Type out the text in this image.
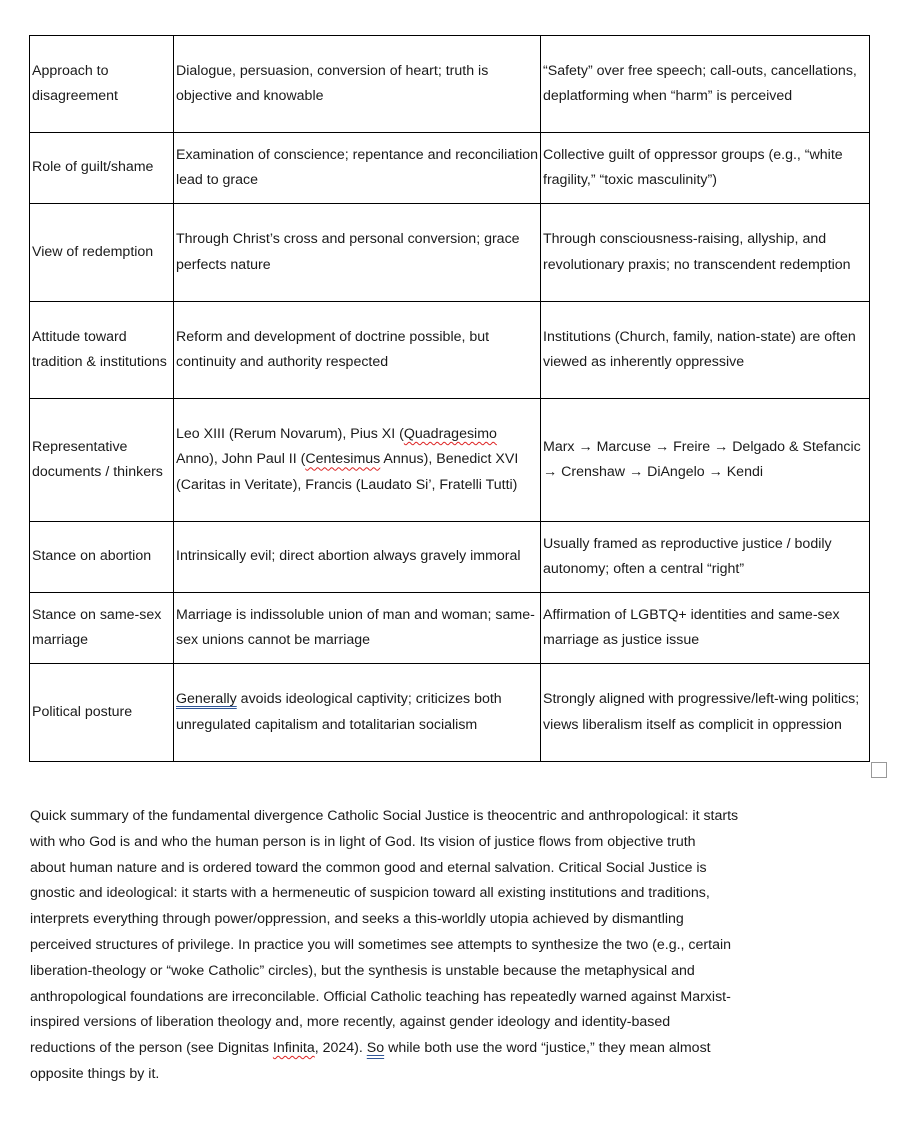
Approach to disagreement	Dialogue, persuasion, conversion of heart; truth is objective and knowable	“Safety” over free speech; call-outs, cancellations, deplatforming when “harm” is perceived
Role of guilt/shame	Examination of conscience; repentance and reconciliation lead to grace	Collective guilt of oppressor groups (e.g., “white fragility,” “toxic masculinity”)
View of redemption	Through Christ’s cross and personal conversion; grace perfects nature	Through consciousness-raising, allyship, and revolutionary praxis; no transcendent redemption
Attitude toward tradition & institutions	Reform and development of doctrine possible, but continuity and authority respected	Institutions (Church, family, nation-state) are often viewed as inherently oppressive
Representative documents / thinkers	Leo XIII (Rerum Novarum), Pius XI (Quadragesimo Anno), John Paul II (Centesimus Annus), Benedict XVI (Caritas in Veritate), Francis (Laudato Si’, Fratelli Tutti)	Marx → Marcuse → Freire → Delgado & Stefancic → Crenshaw → DiAngelo → Kendi
Stance on abortion	Intrinsically evil; direct abortion always gravely immoral	Usually framed as reproductive justice / bodily autonomy; often a central “right”
Stance on same-sex marriage	Marriage is indissoluble union of man and woman; same-sex unions cannot be marriage	Affirmation of LGBTQ+ identities and same-sex marriage as justice issue
Political posture	Generally avoids ideological captivity; criticizes both unregulated capitalism and totalitarian socialism	Strongly aligned with progressive/left-wing politics; views liberalism itself as complicit in oppression
Quick summary of the fundamental divergence Catholic Social Justice is theocentric and anthropological: it starts
with who God is and who the human person is in light of God. Its vision of justice flows from objective truth
about human nature and is ordered toward the common good and eternal salvation. Critical Social Justice is
gnostic and ideological: it starts with a hermeneutic of suspicion toward all existing institutions and traditions,
interprets everything through power/oppression, and seeks a this-worldly utopia achieved by dismantling
perceived structures of privilege. In practice you will sometimes see attempts to synthesize the two (e.g., certain
liberation-theology or “woke Catholic” circles), but the synthesis is unstable because the metaphysical and
anthropological foundations are irreconcilable. Official Catholic teaching has repeatedly warned against Marxist-
inspired versions of liberation theology and, more recently, against gender ideology and identity-based
reductions of the person (see Dignitas Infinita, 2024). So while both use the word “justice,” they mean almost
opposite things by it.
